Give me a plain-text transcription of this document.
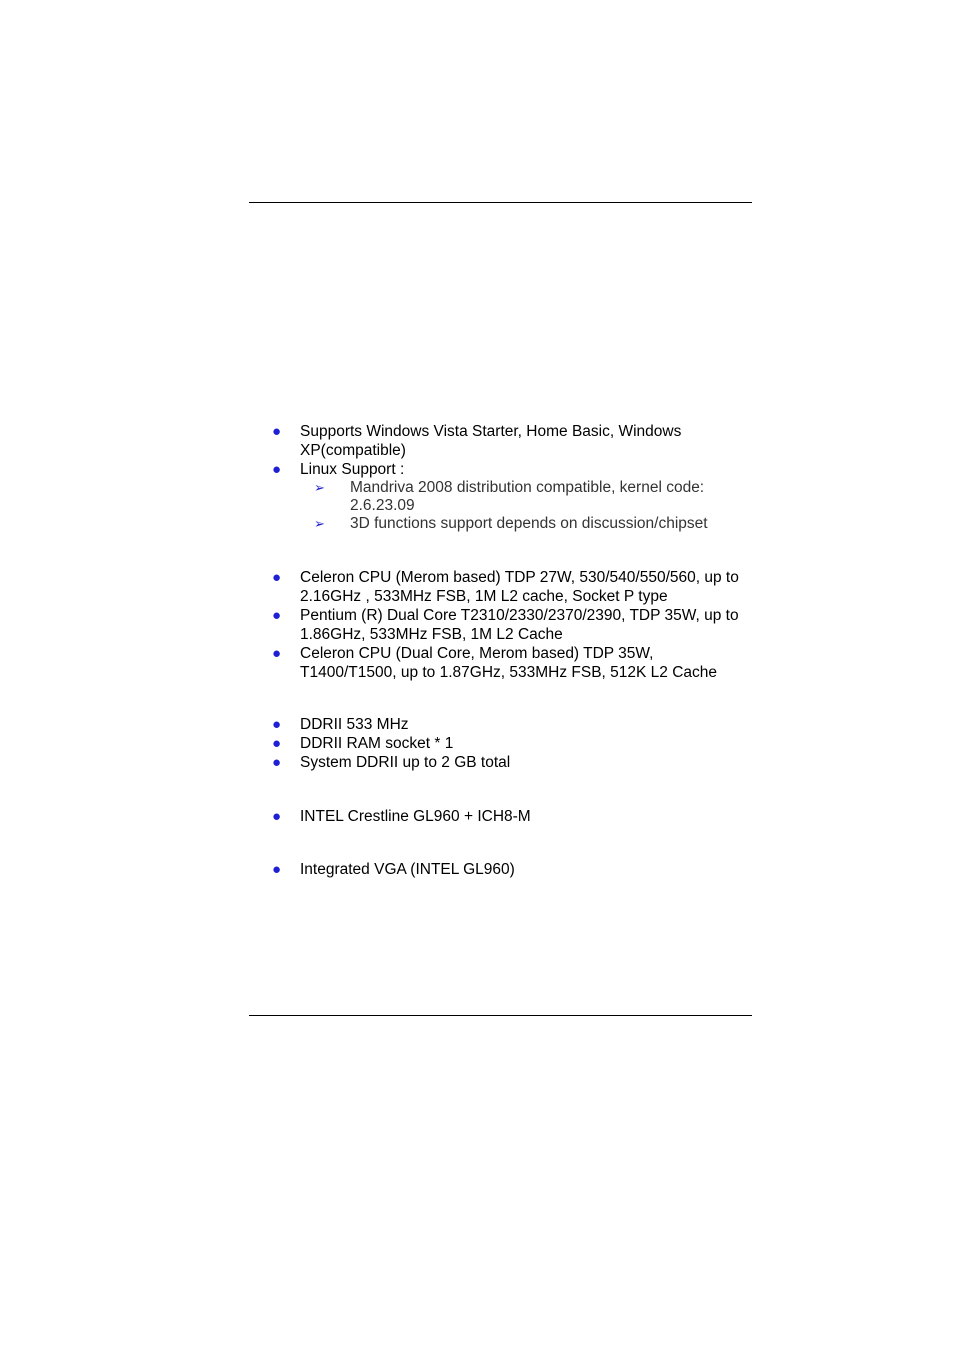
● Supports Windows Vista Starter, Home Basic, Windows XP(compatible)
● Linux Support :
➢ Mandriva 2008 distribution compatible, kernel code: 2.6.23.09
➢ 3D functions support depends on discussion/chipset
● Celeron CPU (Merom based) TDP 27W, 530/540/550/560, up to 2.16GHz , 533MHz FSB, 1M L2 cache, Socket P type
● Pentium (R) Dual Core T2310/2330/2370/2390, TDP 35W, up to 1.86GHz, 533MHz FSB, 1M L2 Cache
● Celeron CPU (Dual Core, Merom based) TDP 35W, T1400/T1500, up to 1.87GHz, 533MHz FSB, 512K L2 Cache
● DDRII 533 MHz
● DDRII RAM socket * 1
● System DDRII up to 2 GB total
● INTEL Crestline GL960 + ICH8-M
● Integrated VGA (INTEL GL960)
